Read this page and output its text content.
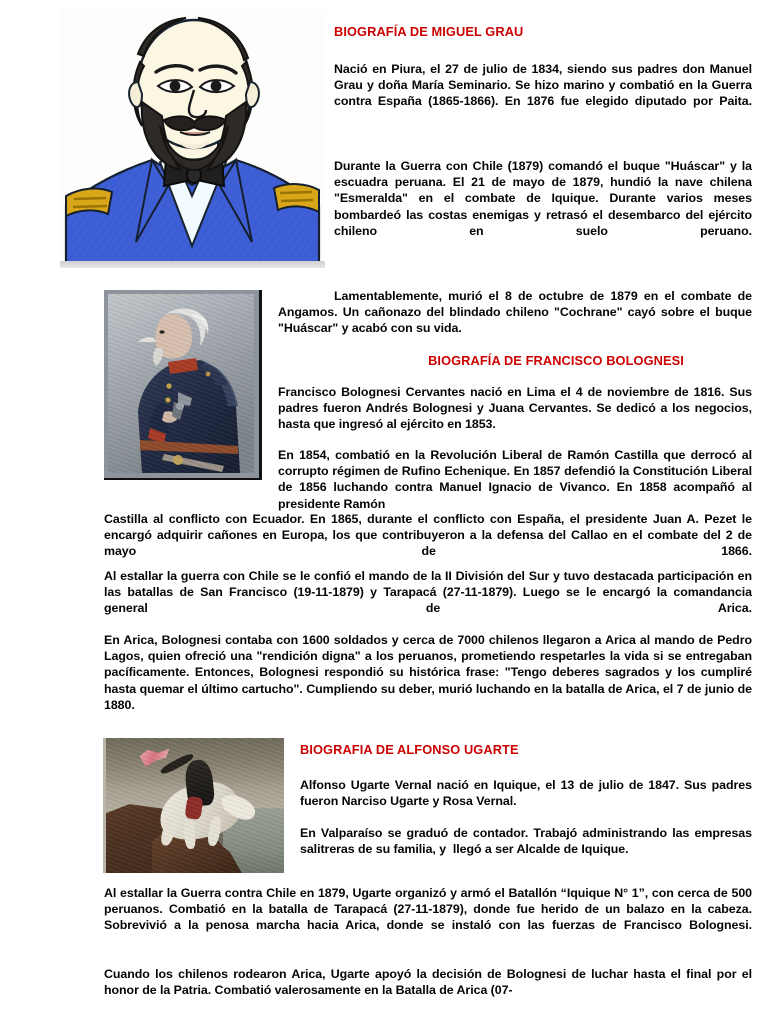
BIOGRAFÍA DE MIGUEL GRAU
Nació en Piura, el 27 de julio de 1834, siendo sus padres don Manuel Grau y doña María Seminario. Se hizo marino y combatió en la Guerra contra España (1865-1866). En 1876 fue elegido diputado por Paita.
Durante la Guerra con Chile (1879) comandó el buque "Huáscar" y la escuadra peruana. El 21 de mayo de 1879, hundió la nave chilena "Esmeralda" en el combate de Iquique. Durante varios meses bombardeó las costas enemigas y retrasó el desembarco del ejército chileno en suelo peruano.
Lamentablemente, murió el 8 de octubre de 1879 en el combate de Angamos. Un cañonazo del blindado chileno "Cochrane" cayó sobre el buque "Huáscar" y acabó con su vida.
BIOGRAFÍA DE FRANCISCO BOLOGNESI
Francisco Bolognesi Cervantes nació en Lima el 4 de noviembre de 1816. Sus padres fueron Andrés Bolognesi y Juana Cervantes. Se dedicó a los negocios, hasta que ingresó al ejército en 1853.
En 1854, combatió en la Revolución Liberal de Ramón Castilla que derrocó al corrupto régimen de Rufino Echenique. En 1857 defendió la Constitución Liberal de 1856 luchando contra Manuel Ignacio de Vivanco. En 1858 acompañó al presidente Ramón
Castilla al conflicto con Ecuador. En 1865, durante el conflicto con España, el presidente Juan A. Pezet le encargó adquirir cañones en Europa, los que contribuyeron a la defensa del Callao en el combate del 2 de mayo de 1866.
Al estallar la guerra con Chile se le confió el mando de la II División del Sur y tuvo destacada participación en las batallas de San Francisco (19-11-1879) y Tarapacá (27-11-1879). Luego se le encargó la comandancia general de Arica.
En Arica, Bolognesi contaba con 1600 soldados y cerca de 7000 chilenos llegaron a Arica al mando de Pedro Lagos, quien ofreció una "rendición digna" a los peruanos, prometiendo respetarles la vida si se entregaban pacíficamente. Entonces, Bolognesi respondió su histórica frase: "Tengo deberes sagrados y los cumpliré hasta quemar el último cartucho". Cumpliendo su deber, murió luchando en la batalla de Arica, el 7 de junio de 1880.
BIOGRAFIA DE ALFONSO UGARTE
Alfonso Ugarte Vernal nació en Iquique, el 13 de julio de 1847. Sus padres fueron Narciso Ugarte y Rosa Vernal.
En Valparaíso se graduó de contador. Trabajó administrando las empresas salitreras de su familia, y  llegó a ser Alcalde de Iquique.
Al estallar la Guerra contra Chile en 1879, Ugarte organizó y armó el Batallón “Iquique N° 1”, con cerca de 500 peruanos. Combatió en la batalla de Tarapacá (27-11-1879), donde fue herido de un balazo en la cabeza. Sobrevivió a la penosa marcha hacia Arica, donde se instaló con las fuerzas de Francisco Bolognesi.
Cuando los chilenos rodearon Arica, Ugarte apoyó la decisión de Bolognesi de luchar hasta el final por el honor de la Patria. Combatió valerosamente en la Batalla de Arica (07-
